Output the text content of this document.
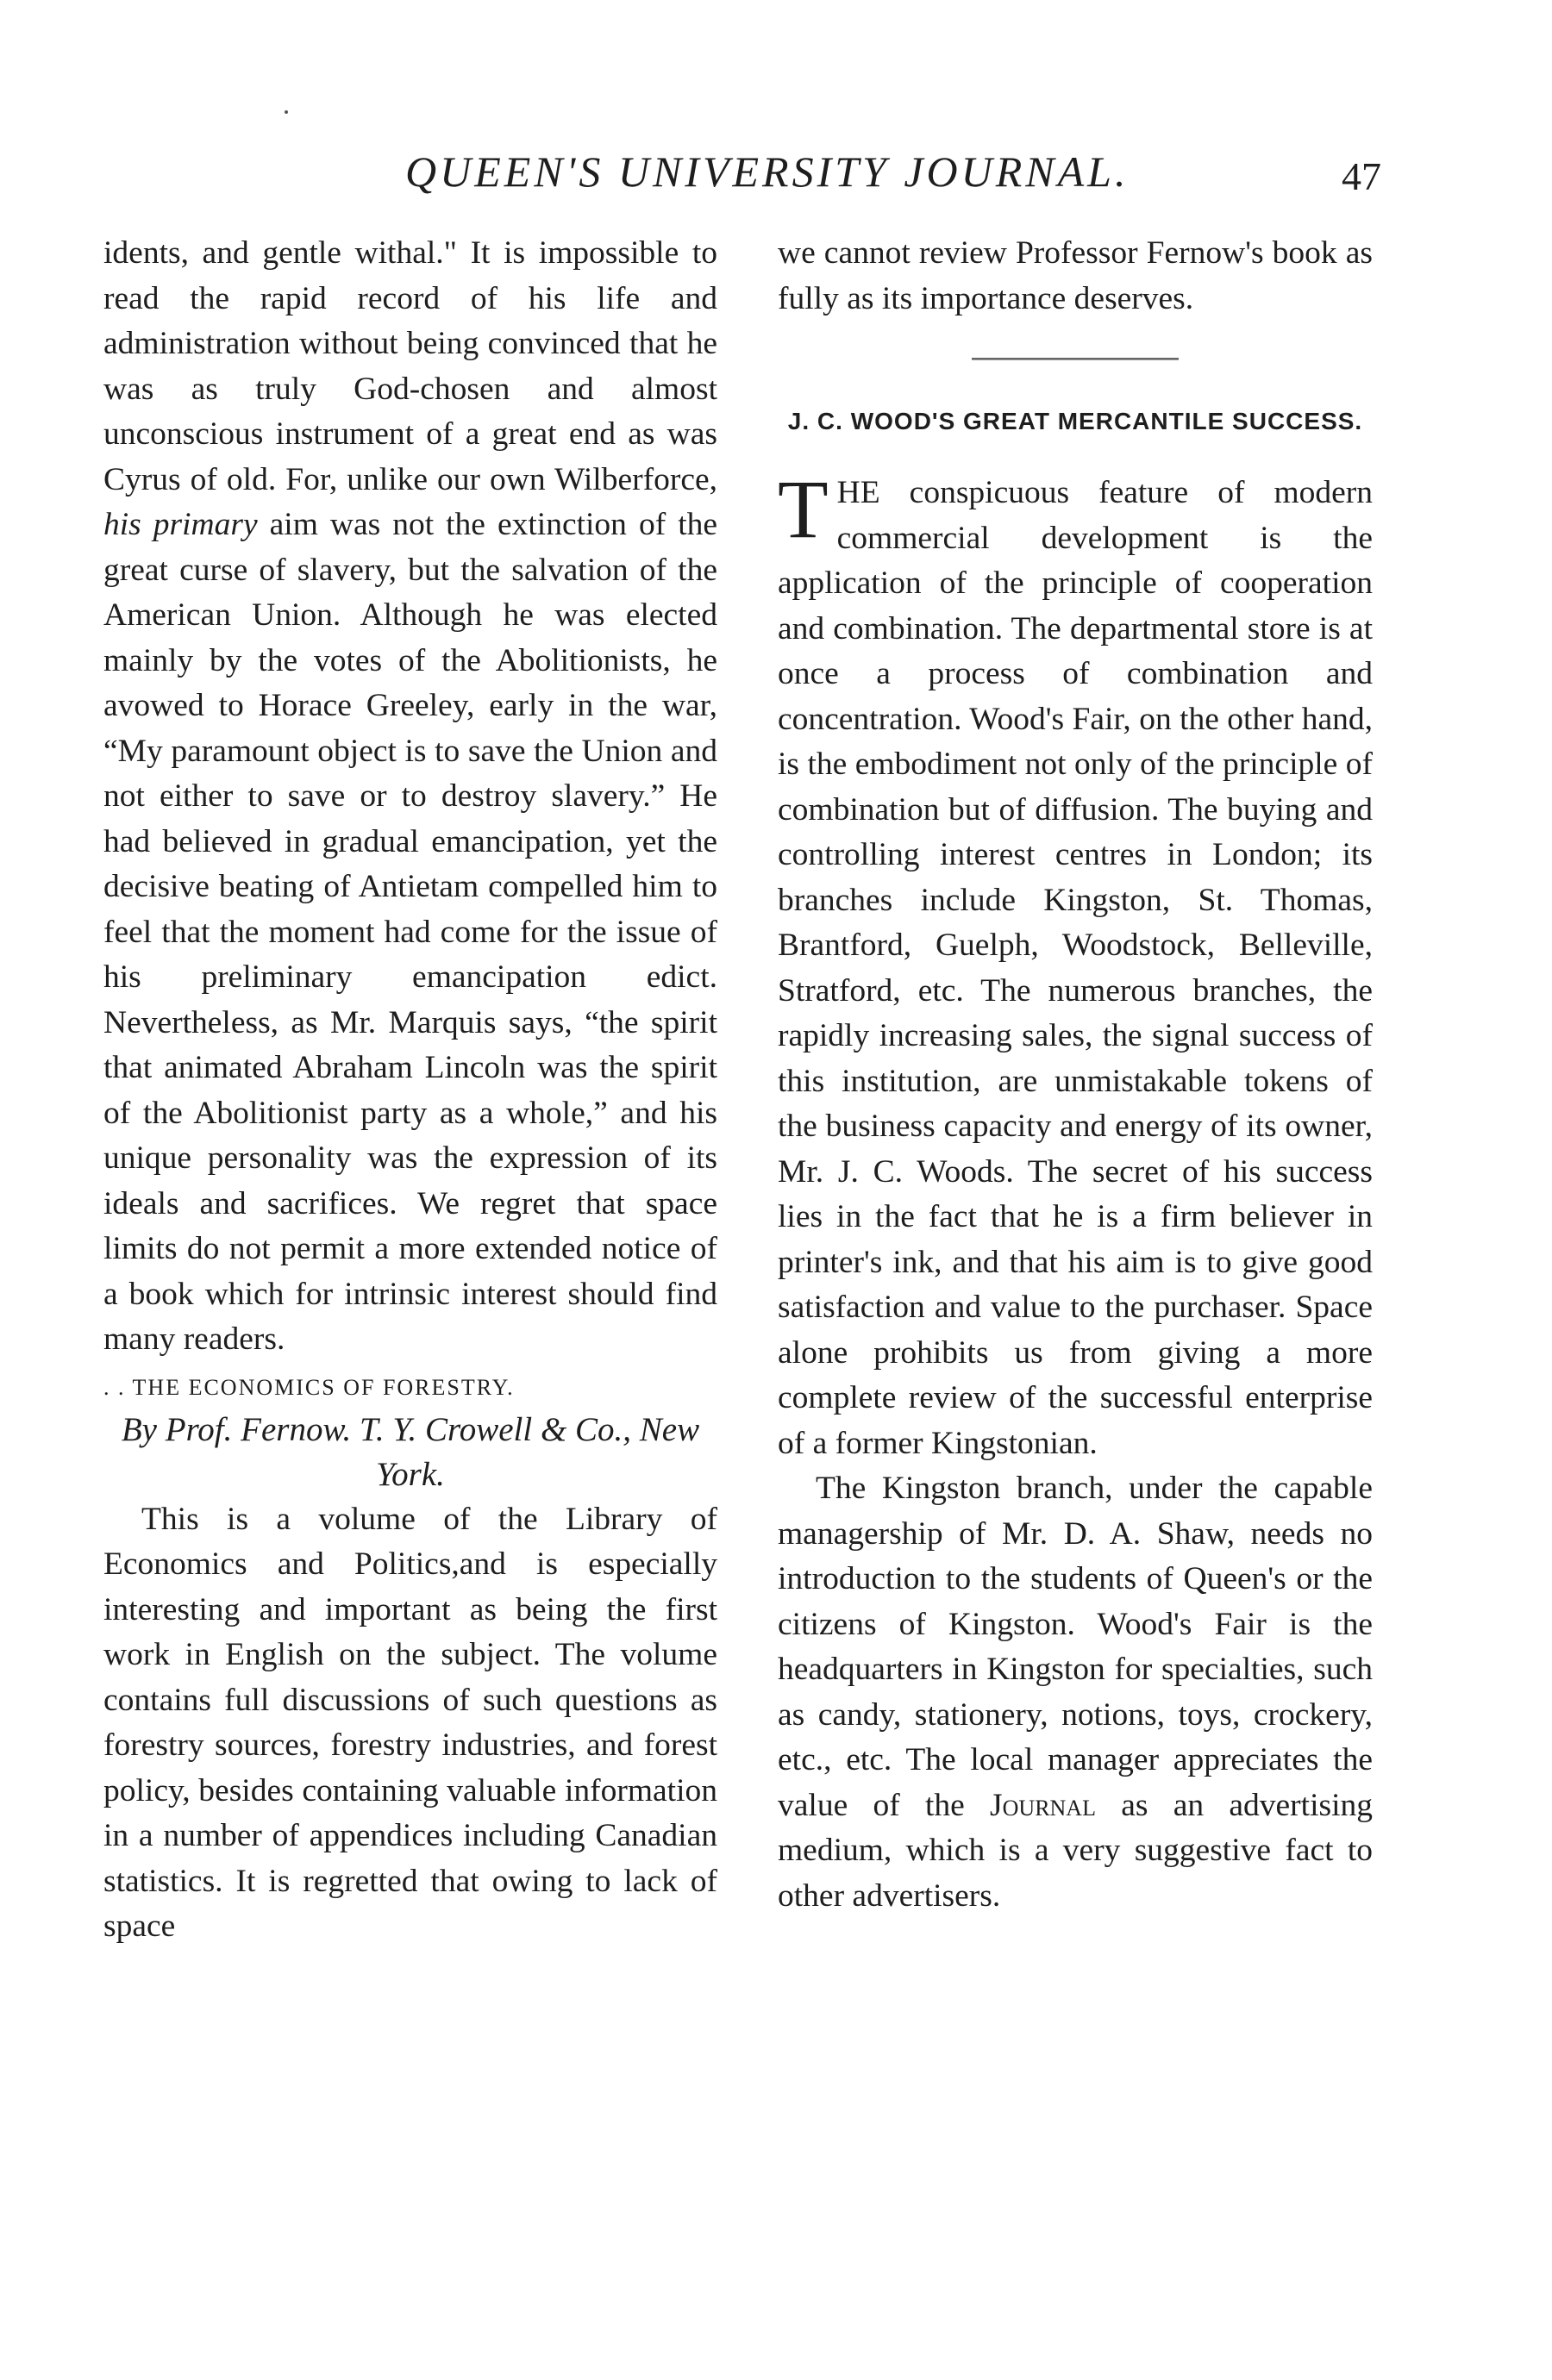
QUEEN'S UNIVERSITY JOURNAL.	47

idents, and gentle withal." It is impossible to read the rapid record of his life and administration without being convinced that he was as truly God-chosen and almost unconscious instrument of a great end as was Cyrus of old. For, unlike our own Wilberforce, his primary aim was not the extinction of the great curse of slavery, but the salvation of the American Union. Although he was elected mainly by the votes of the Abolitionists, he avowed to Horace Greeley, early in the war, “My paramount object is to save the Union and not either to save or to destroy slavery.” He had believed in gradual emancipation, yet the decisive beating of Antietam compelled him to feel that the moment had come for the issue of his preliminary emancipation edict. Nevertheless, as Mr. Marquis says, “the spirit that animated Abraham Lincoln was the spirit of the Abolitionist party as a whole,” and his unique personality was the expression of its ideals and sacrifices. We regret that space limits do not permit a more extended notice of a book which for intrinsic interest should find many readers.

. . THE ECONOMICS OF FORESTRY.

By Prof. Fernow. T. Y. Crowell & Co., New York.

This is a volume of the Library of Economics and Politics,and is especially interesting and important as being the first work in English on the subject. The volume contains full discussions of such questions as forestry sources, forestry industries, and forest policy, besides containing valuable information in a number of appendices including Canadian statistics. It is regretted that owing to lack of space

we cannot review Professor Fernow's book as fully as its importance deserves.

J. C. WOOD'S GREAT MERCANTILE SUCCESS.

T HE conspicuous feature of modern commercial development is the application of the principle of cooperation and combination. The departmental store is at once a process of combination and concentration. Wood's Fair, on the other hand, is the embodiment not only of the principle of combination but of diffusion. The buying and controlling interest centres in London; its branches include Kingston, St. Thomas, Brantford, Guelph, Woodstock, Belleville, Stratford, etc. The numerous branches, the rapidly increasing sales, the signal success of this institution, are unmistakable tokens of the business capacity and energy of its owner, Mr. J. C. Woods. The secret of his success lies in the fact that he is a firm believer in printer's ink, and that his aim is to give good satisfaction and value to the purchaser. Space alone prohibits us from giving a more complete review of the successful enterprise of a former Kingstonian.

The Kingston branch, under the capable managership of Mr. D. A. Shaw, needs no introduction to the students of Queen's or the citizens of Kingston. Wood's Fair is the headquarters in Kingston for specialties, such as candy, stationery, notions, toys, crockery, etc., etc. The local manager appreciates the value of the Journal as an advertising medium, which is a very suggestive fact to other advertisers.
